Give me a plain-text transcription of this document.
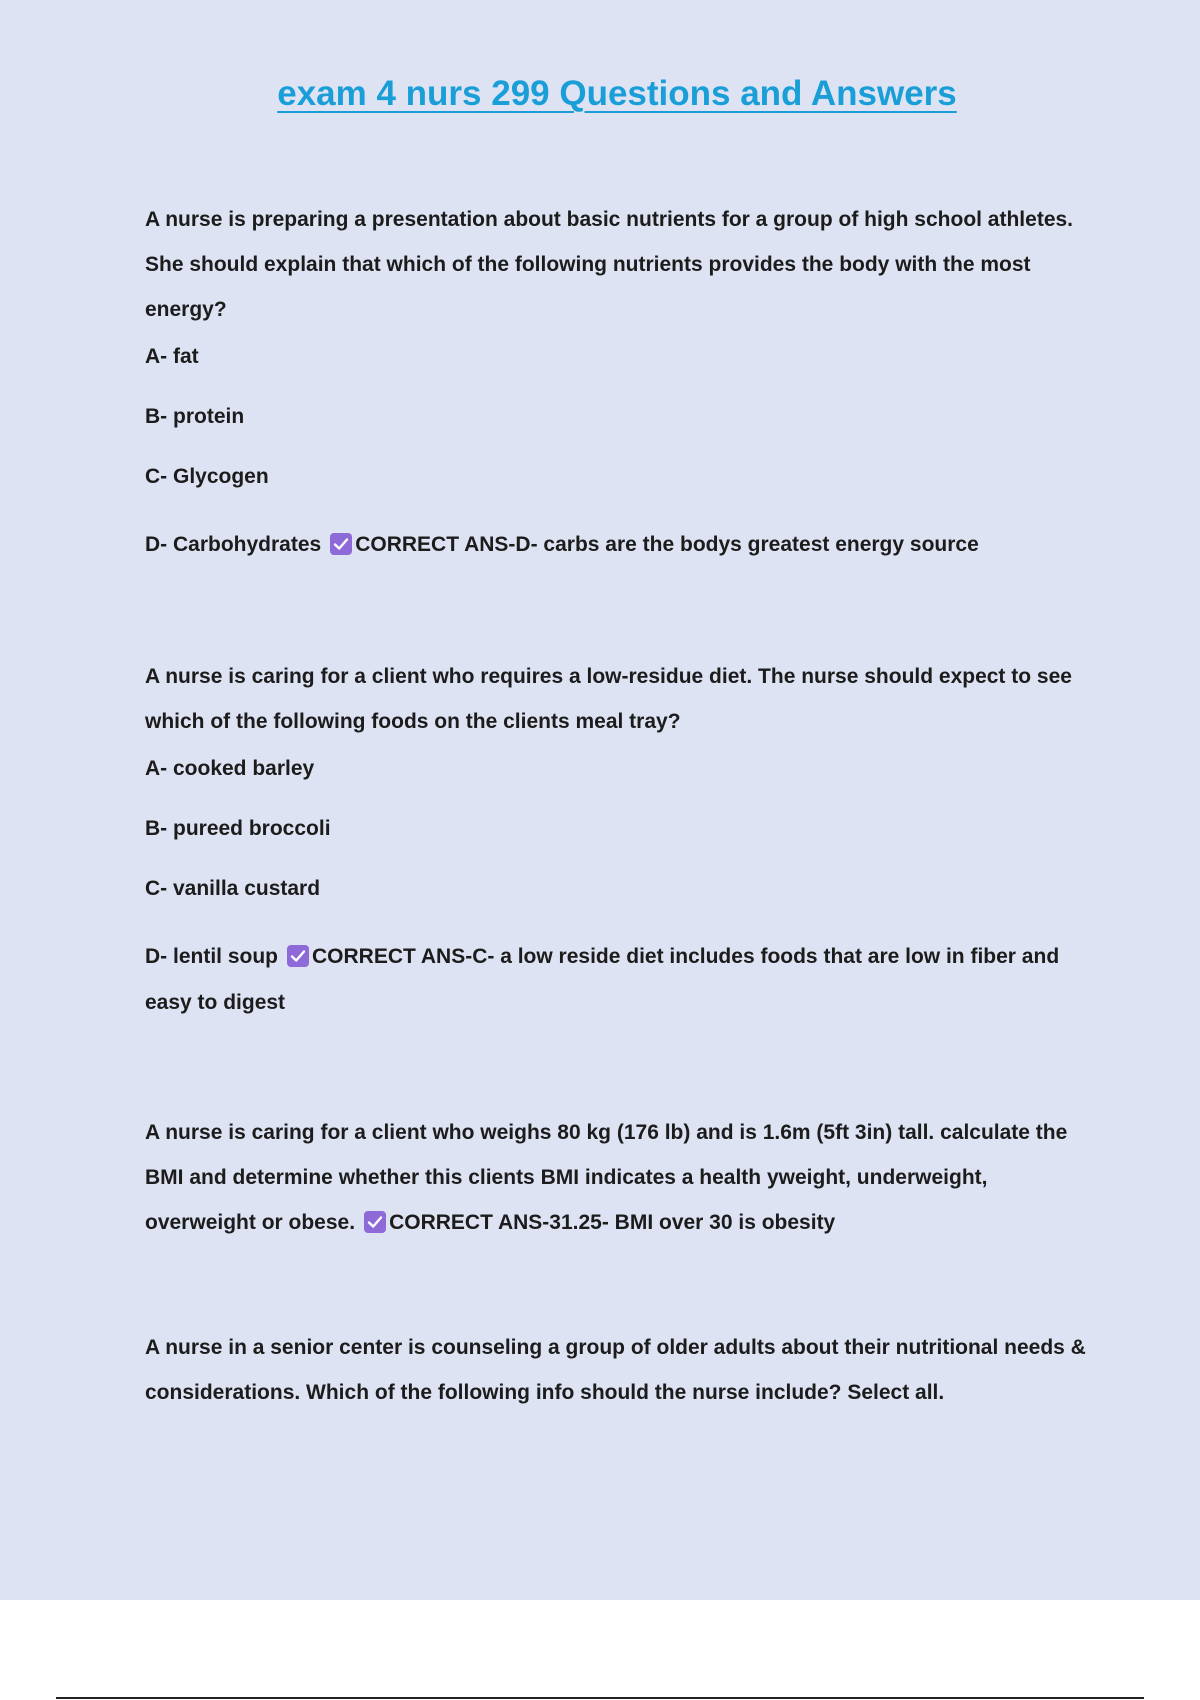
exam 4 nurs 299 Questions and Answers

A nurse is preparing a presentation about basic nutrients for a group of high school athletes. She should explain that which of the following nutrients provides the body with the most energy?

A- fat

B- protein

C- Glycogen

D- Carbohydrates CORRECT ANS-D- carbs are the bodys greatest energy source

A nurse is caring for a client who requires a low-residue diet. The nurse should expect to see which of the following foods on the clients meal tray?

A- cooked barley

B- pureed broccoli

C- vanilla custard

D- lentil soup CORRECT ANS-C- a low reside diet includes foods that are low in fiber and easy to digest

A nurse is caring for a client who weighs 80 kg (176 lb) and is 1.6m (5ft 3in) tall. calculate the BMI and determine whether this clients BMI indicates a health yweight, underweight, overweight or obese. CORRECT ANS-31.25- BMI over 30 is obesity

A nurse in a senior center is counseling a group of older adults about their nutritional needs & considerations. Which of the following info should the nurse include? Select all.
